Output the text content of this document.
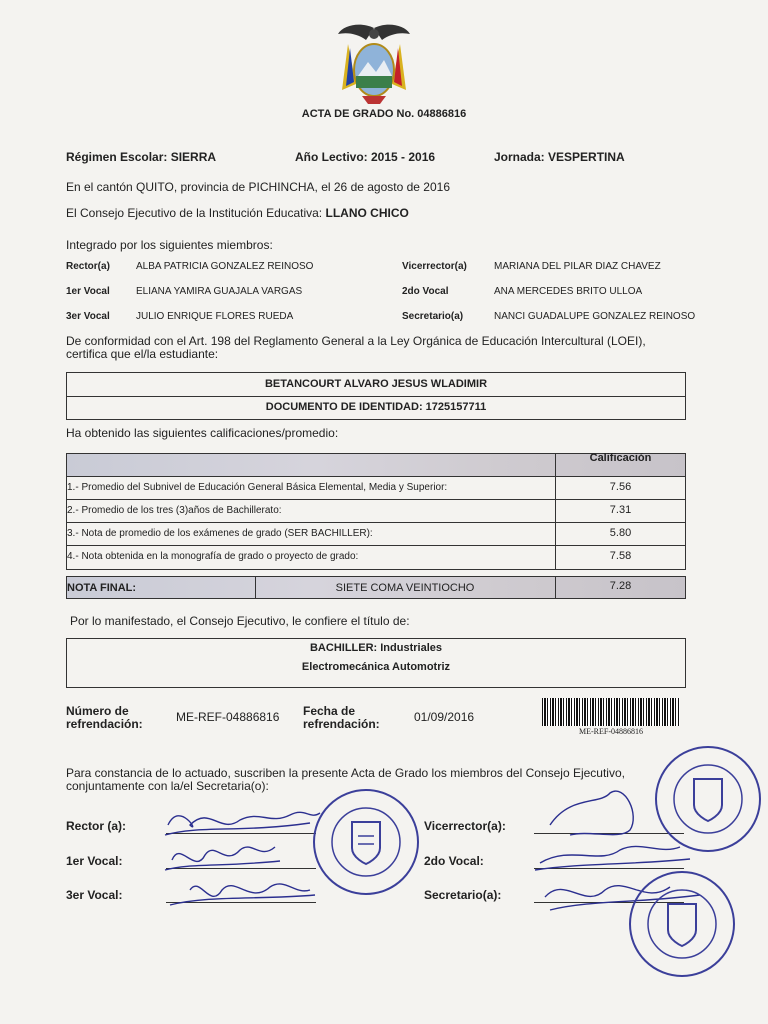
ACTA DE GRADO No. 04886816
Régimen Escolar: SIERRA	Año Lectivo: 2015 - 2016	Jornada: VESPERTINA
En el cantón QUITO, provincia de PICHINCHA, el 26 de agosto de 2016
El Consejo Ejecutivo de la Institución Educativa: LLANO CHICO
Integrado por los siguientes miembros:
Rector(a)	ALBA PATRICIA GONZALEZ REINOSO	Vicerrector(a)	MARIANA DEL PILAR DIAZ CHAVEZ
1er Vocal	ELIANA YAMIRA GUAJALA VARGAS	2do Vocal	ANA MERCEDES BRITO ULLOA
3er Vocal	JULIO ENRIQUE FLORES RUEDA	Secretario(a)	NANCI GUADALUPE GONZALEZ REINOSO
De conformidad con el Art. 198 del Reglamento General a la Ley Orgánica de Educación Intercultural (LOEI),
certifica que el/la estudiante:
BETANCOURT ALVARO JESUS WLADIMIR
DOCUMENTO DE IDENTIDAD: 1725157711
Ha obtenido las siguientes calificaciones/promedio:
Calificación
1.- Promedio del Subnivel de Educación General Básica Elemental, Media y Superior:	7.56
2.- Promedio de los tres (3)años de Bachillerato:	7.31
3.- Nota de promedio de los exámenes de grado (SER BACHILLER):	5.80
4.- Nota obtenida en la monografía de grado o proyecto de grado:	7.58
NOTA FINAL:	SIETE COMA VEINTIOCHO	7.28
Por lo manifestado, el Consejo Ejecutivo, le confiere el título de:
BACHILLER: Industriales
Electromecánica Automotriz
Número de refrendación:	ME-REF-04886816 Fecha de refrendación:	01/09/2016
ME-REF-04886816
Para constancia de lo actuado, suscriben la presente Acta de Grado los miembros del Consejo Ejecutivo,
conjuntamente con la/el Secretaria(o):
Rector (a):
1er Vocal:
3er Vocal:
Vicerrector(a):
2do Vocal:
Secretario(a):
